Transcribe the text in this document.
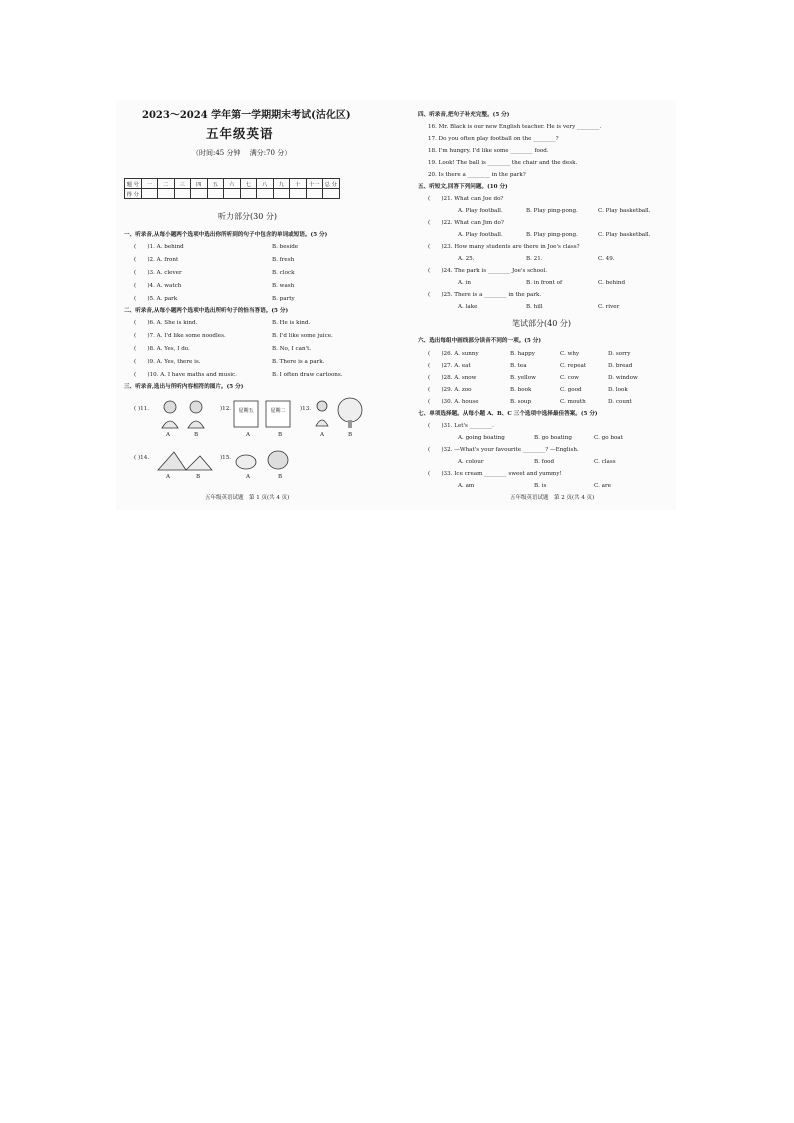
2023～2024 学年第一学期期末考试(沽化区)
五年级英语
（时间:45 分钟　 满分:70 分）
题 号	一	二	三	四	五	六	七	八	九	十	十一	总 分
得 分												
听力部分(30 分)
一、听录音,从每小题两个选项中选出你所听到的句子中包含的单词或短语。(5 分)
(　　)1. A. behind	B. beside
(　　)2. A. front	B. fresh
(　　)3. A. clever	B. clock
(　　)4. A. watch	B. wash
(　　)5. A. park	B. party
二、听录音,从每小题两个选项中选出所听句子的恰当答语。(5 分)
(　　)6. A. She is kind.	B. He is kind.
(　　)7. A. I'd like some noodles.	B. I'd like some juice.
(　　)8. A. Yes, I do.	B. No, I can't.
(　　)9. A. Yes, there is.	B. There is a park.
(　　)10. A. I have maths and music.	B. I often draw cartoons.
三、听录音,选出与所听内容相符的图片。(5 分)
( )11.
A	B
)12. 星期五	星期二
A	B
)13.
A	B
( )14.
A	B
)15.
A	B
五年级英语试题　第 1 页(共 4 页)
四、听录音,把句子补充完整。(5 分)
16. Mr. Black is our new English teacher. He is very ________.
17. Do you often play football on the ________?
18. I'm hungry. I'd like some ________ food.
19. Look! The ball is ________ the chair and the desk.
20. Is there a ________ in the park?
五、听短文,回答下列问题。(10 分)
(　　)21. What can Joe do?
A. Play football.	B. Play ping-pong.	C. Play basketball.
(　　)22. What can Jim do?
A. Play football.	B. Play ping-pong.	C. Play basketball.
(　　)23. How many students are there in Joe's class?
A. 25.	B. 21.	C. 49.
(　　)24. The park is ________ Joe's school.
A. in	B. in front of	C. behind
(　　)25. There is a ________ in the park.
A. lake	B. hill	C. river
笔试部分(40 分)
六、选出每组中画线部分读音不同的一项。(5 分)
(　　)26. A. sunny	B. happy	C. why	D. sorry
(　　)27. A. eat	B. tea	C. repeat	D. bread
(　　)28. A. snow	B. yellow	C. cow	D. window
(　　)29. A. zoo	B. book	C. good	D. look
(　　)30. A. house	B. soup	C. mouth	D. count
七、单项选择题。从每小题 A、B、C 三个选项中选择最佳答案。(5 分)
(　　)31. Let's ________.
A. going boating	B. go boating	C. go boat
(　　)32. —What's your favourite ________? —English.
A. colour	B. food	C. class
(　　)33. Ice cream ________ sweet and yummy!
A. am	B. is	C. are
五年级英语试题　第 2 页(共 4 页)
